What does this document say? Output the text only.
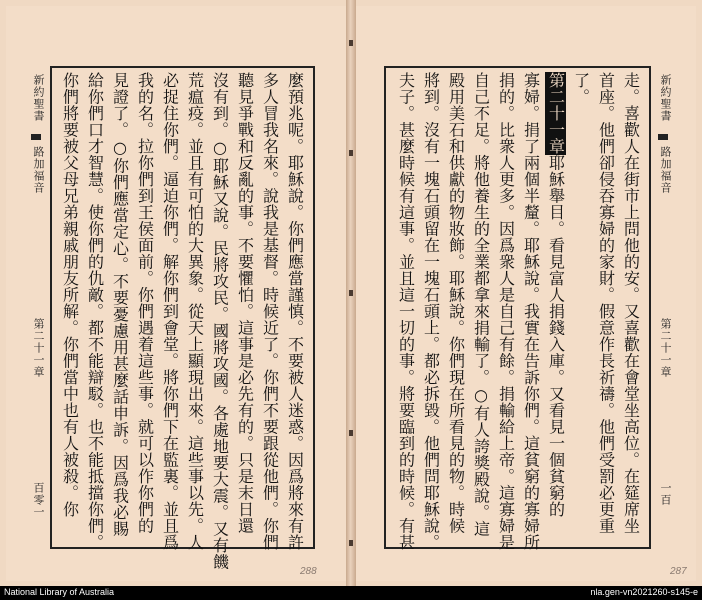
新約聖書
路加福音
第二十一章
百零一	麼預兆呢。耶穌說。你們應當謹慎。不要被人迷惑。因爲將來有許
多人冒我名來。說我是基督。時候近了。你們不要跟從他們。你們
聽見爭戰和反亂的事。不要懼怕。這事是必先有的。只是末日還
沒有到。○耶穌又說。民將攻民。國將攻國。各處地要大震。又有饑
荒瘟疫。並且有可怕的大異象。從天上顯現出來。這些事以先。人
必捉住你們。逼迫你們。解你們到會堂。將你們下在監裏。並且爲
我的名。拉你們到王侯面前。你們遇着這些事。就可以作你們的
見證了。○你們應當定心。不要憂慮用甚麼話申訴。因爲我必賜
給你們口才智慧。使你們的仇敵。都不能辯駁。也不能抵擋你們。
你們將要被父母兄弟親戚朋友所解。你們當中也有人被殺。你
288
新約聖書
路加福音
第二十一章
一百
走。喜歡人在街市上問他的安。又喜歡在會堂坐高位。在筵席坐
首座。他們卻侵吞寡婦的家財。假意作長祈禱。他們受罰必更重
了。
第二十一章耶穌舉目。看見富人捐錢入庫。又看見一個貧窮的
寡婦。捐了兩個半釐。耶穌說。我實在告訴你們。這貧窮的寡婦所
捐的。比衆人更多。因爲衆人是自己有餘。捐輸給上帝。這寡婦是
自己不足。將他養生的全業都拿來捐輸了。○有人誇獎殿說。這
殿用美石和供獻的物妝飾。耶穌說。你們現在所看見的物。時候
將到。沒有一塊石頭留在一塊石頭上。都必拆毀。他們問耶穌說。
夫子。甚麼時候有這事。並且這一切的事。將要臨到的時候。有甚
287
National Library of Australia	nla.gen-vn2021260-s145-e
